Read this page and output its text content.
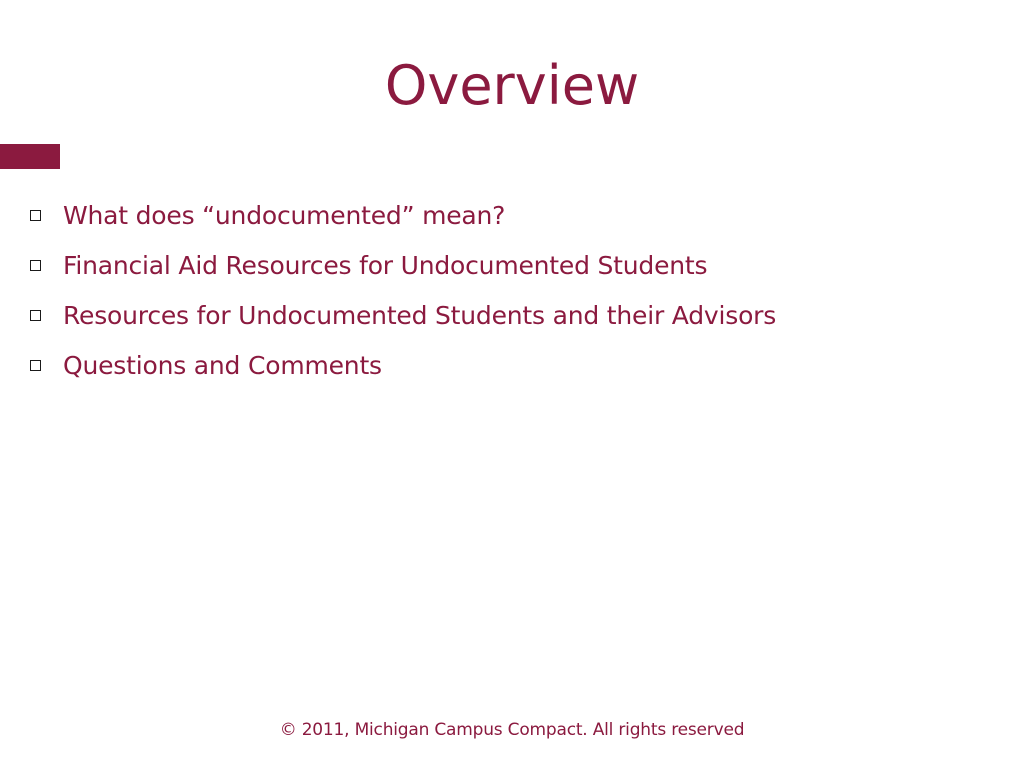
Overview
What does “undocumented” mean?
Financial Aid Resources for Undocumented Students
Resources for Undocumented Students and their Advisors
Questions and Comments
© 2011, Michigan Campus Compact. All rights reserved
